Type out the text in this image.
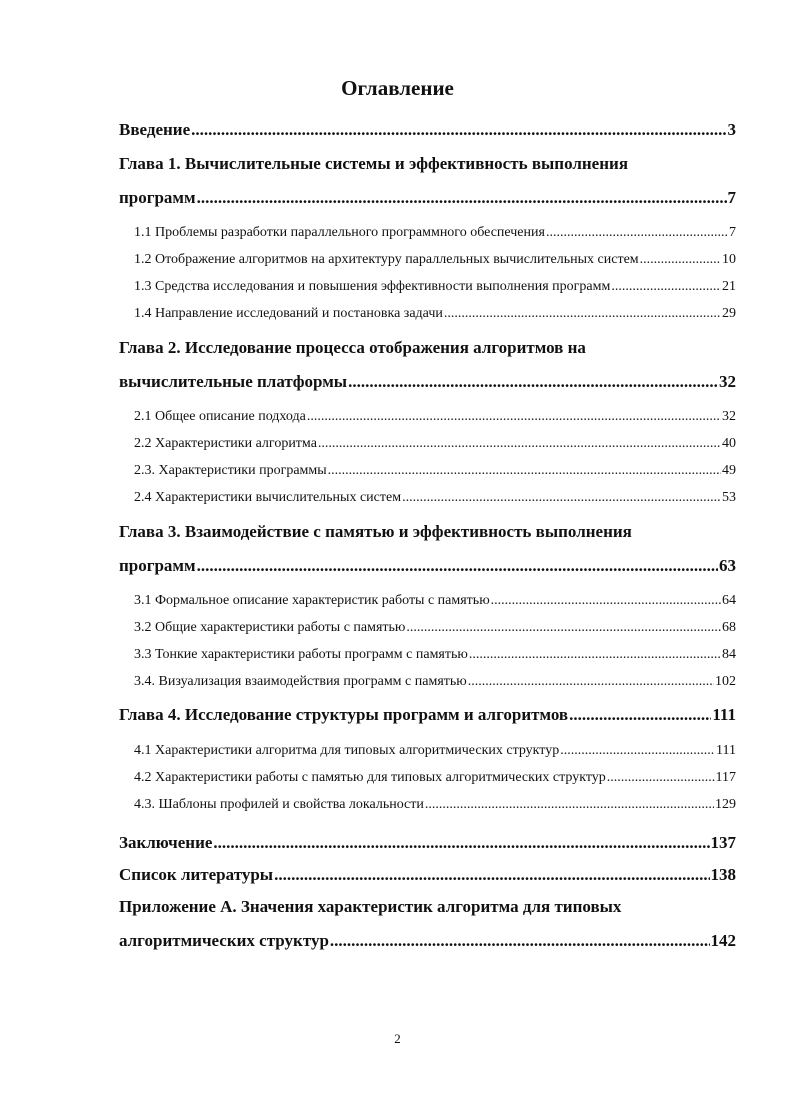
Оглавление
Введение .....	3
Глава 1. Вычислительные системы и эффективность выполнения
программ .....	7
1.1 Проблемы разработки параллельного программного обеспечения .....	7
1.2 Отображение алгоритмов на архитектуру параллельных вычислительных систем .....	10
1.3 Средства исследования и повышения эффективности выполнения программ .....	21
1.4 Направление исследований и постановка задачи .....	29
Глава 2. Исследование процесса отображения алгоритмов на
вычислительные платформы .....	32
2.1 Общее описание подхода .....	32
2.2 Характеристики алгоритма .....	40
2.3. Характеристики программы .....	49
2.4 Характеристики вычислительных систем .....	53
Глава 3. Взаимодействие с памятью и эффективность выполнения
программ .....	63
3.1 Формальное описание характеристик работы с памятью .....	64
3.2 Общие характеристики работы с памятью .....	68
3.3 Тонкие характеристики работы программ с памятью .....	84
3.4. Визуализация взаимодействия программ с памятью .....	102
Глава 4. Исследование структуры программ и алгоритмов .....	111
4.1 Характеристики алгоритма для типовых алгоритмических структур .....	111
4.2 Характеристики работы с памятью для типовых алгоритмических структур .....	117
4.3. Шаблоны профилей и свойства локальности .....	129
Заключение .....	137
Список литературы .....	138
Приложение А. Значения характеристик алгоритма для типовых
алгоритмических структур .....	142
2
